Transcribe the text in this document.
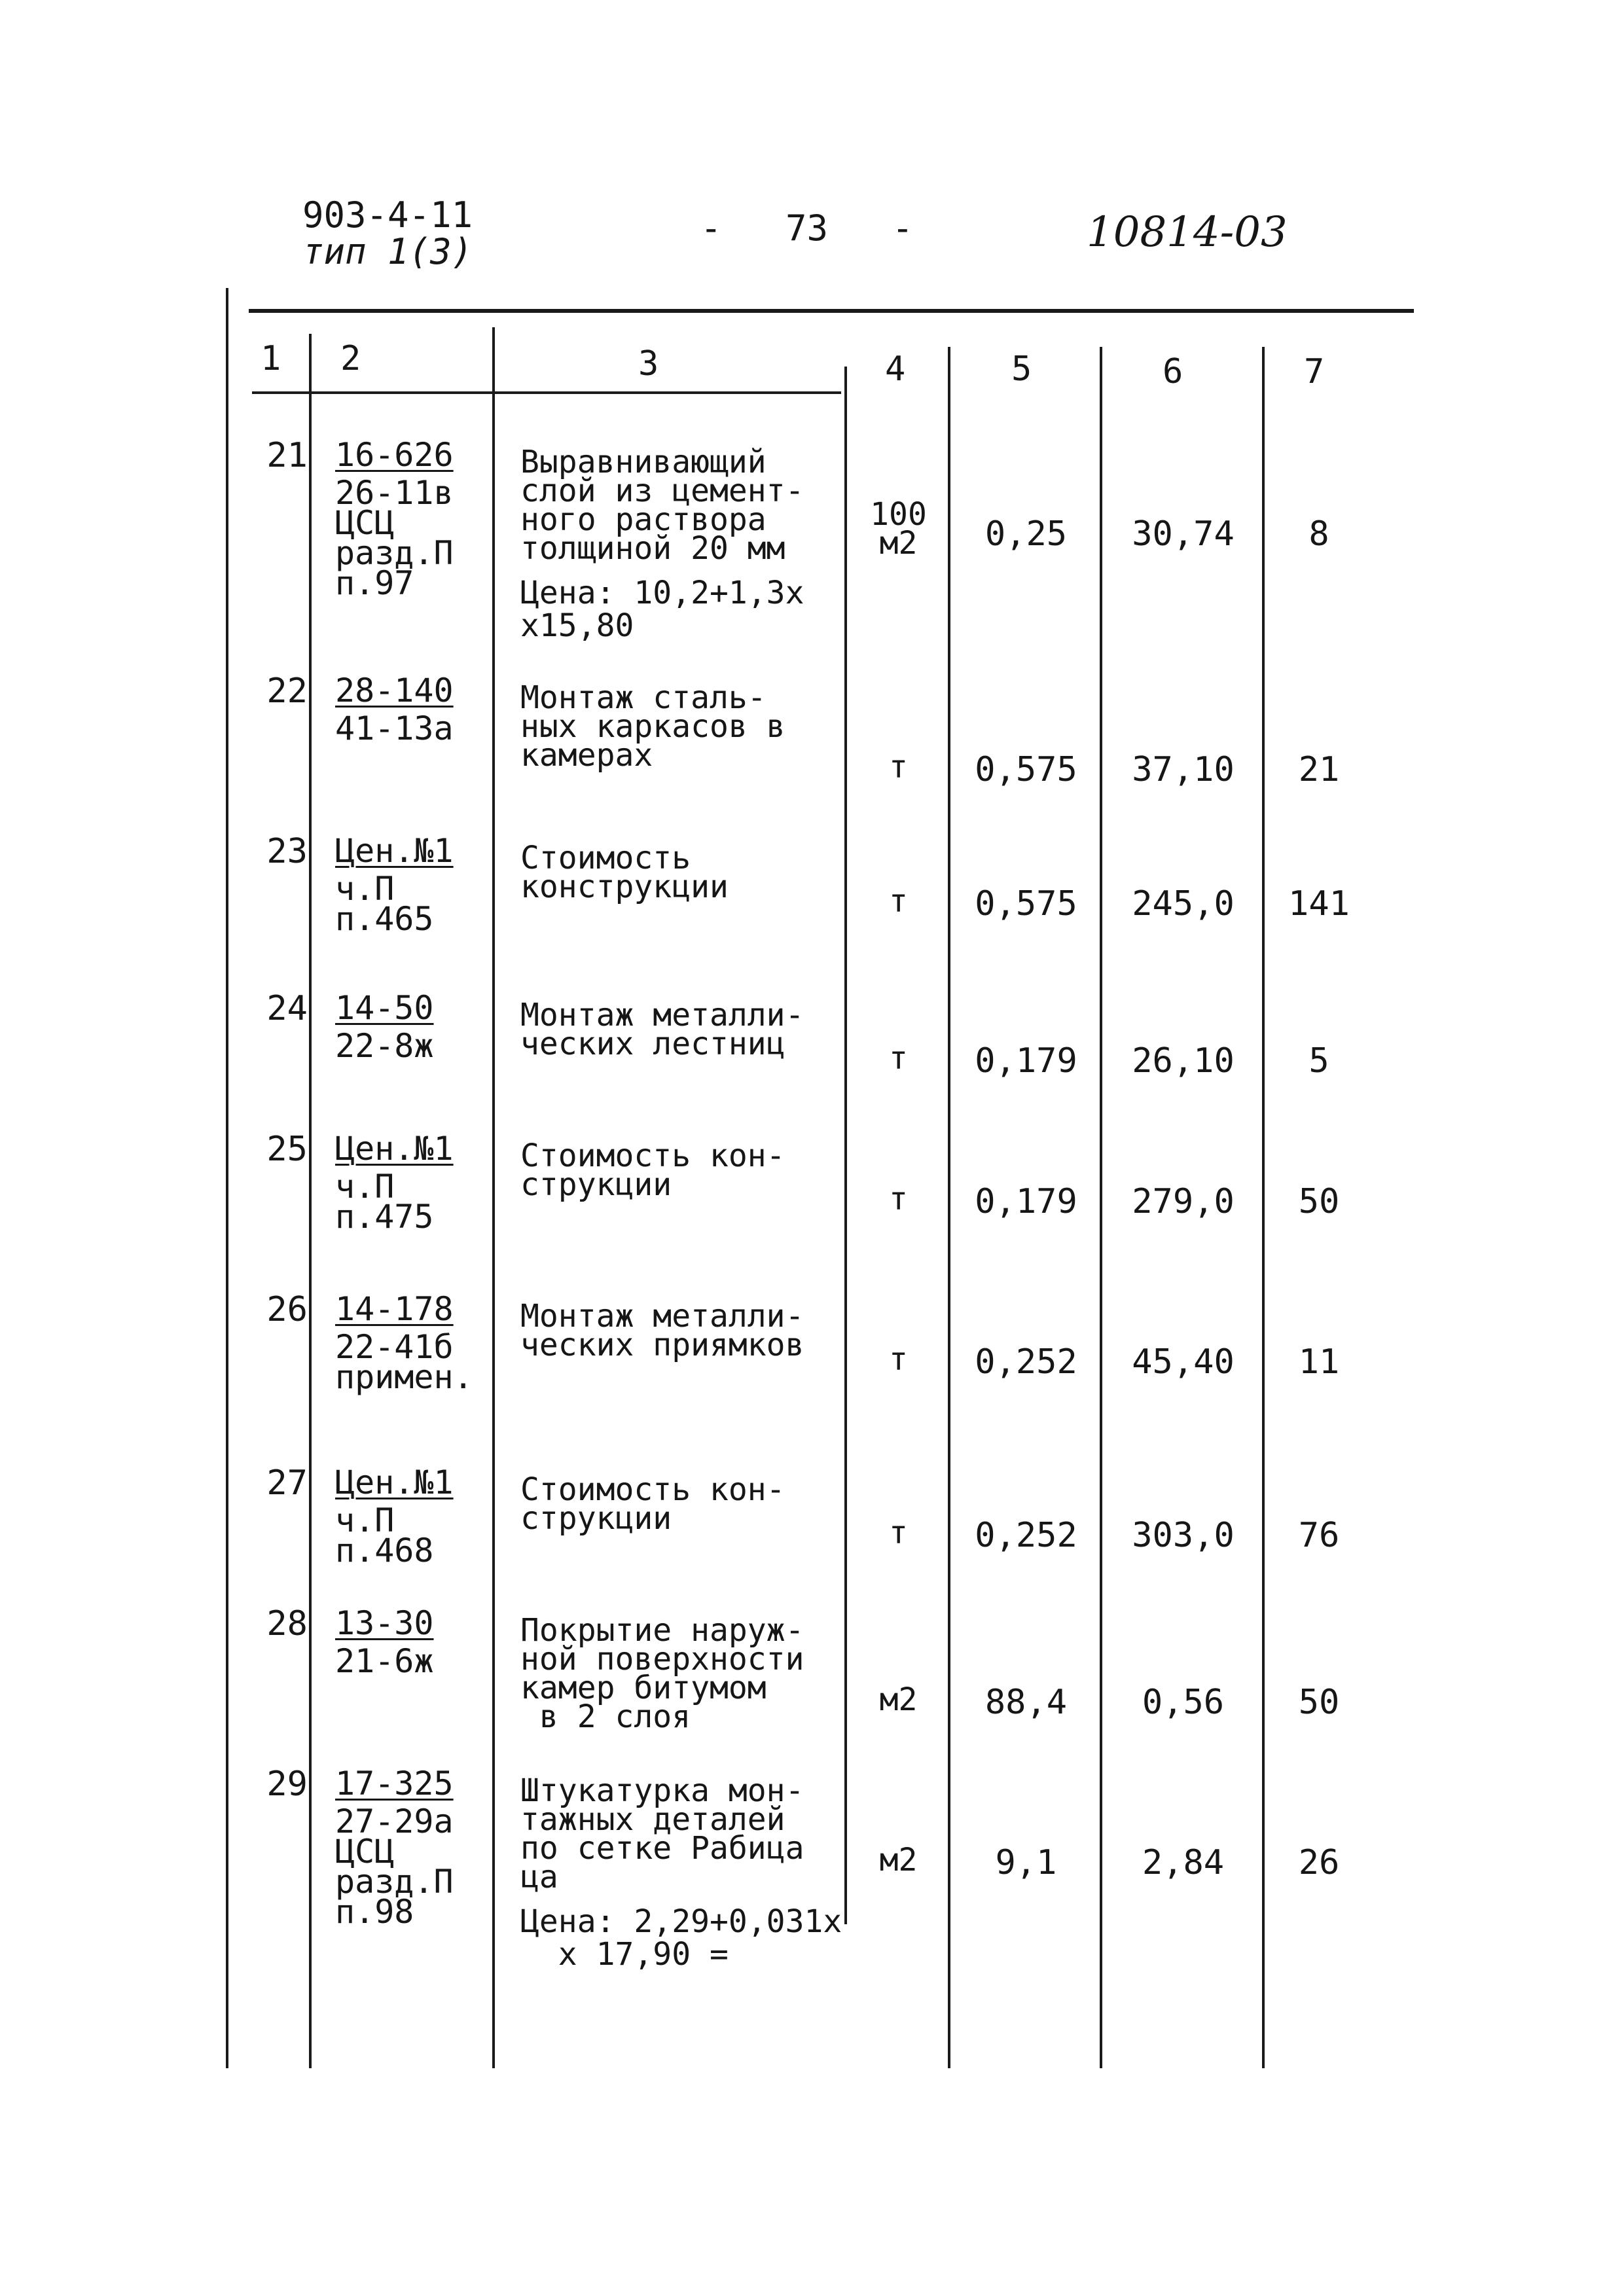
903-4-11
тип 1(3)
-   73   -	10814-03
1 2	3	4	5	6	7
21 16-626
26-11в
ЦСЦ
разд.П
п.97
Выравнивающий
слой из цемент-
ного раствора
толщиной 20 мм
Цена: 10,2+1,3х
х15,80
100
м2	0,25	30,74	8
22 28-140
41-13а
Монтаж сталь-
ных каркасов в
камерах	т	0,575	37,10	21
23 Цен.№1
ч.П
п.465
Стоимость
конструкции	т	0,575	245,0	141
24 14-50
22-8ж
Монтаж металли-
ческих лестниц	т	0,179	26,10	5
25 Цен.№1
ч.П
п.475
Стоимость кон-
струкции	т	0,179	279,0	50
26 14-178
22-41б
примен.
Монтаж металли-
ческих приямков	т	0,252	45,40	11
27 Цен.№1
ч.П
п.468
Стоимость кон-
струкции	т	0,252	303,0	76
28 13-30
21-6ж
Покрытие наруж-
ной поверхности
камер битумом
в 2 слоя	м2	88,4	0,56	50
29 17-325
27-29а
ЦСЦ
разд.П
п.98
Штукатурка мон-
тажных деталей
по сетке Рабица
ца
Цена: 2,29+0,031х
х 17,90 =
м2	9,1	2,84	26
